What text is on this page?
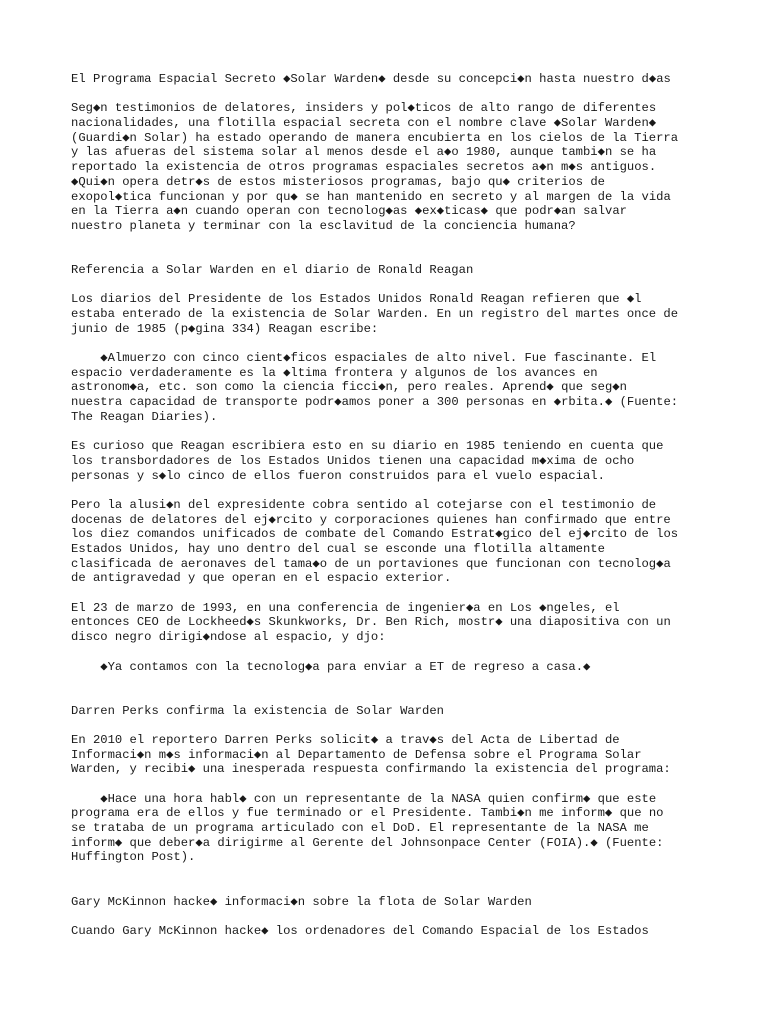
El Programa Espacial Secreto ◆Solar Warden◆ desde su concepci◆n hasta nuestro d◆as
Seg◆n testimonios de delatores, insiders y pol◆ticos de alto rango de diferentes
nacionalidades, una flotilla espacial secreta con el nombre clave ◆Solar Warden◆
(Guardi◆n Solar) ha estado operando de manera encubierta en los cielos de la Tierra
y las afueras del sistema solar al menos desde el a◆o 1980, aunque tambi◆n se ha
reportado la existencia de otros programas espaciales secretos a◆n m◆s antiguos.
◆Qui◆n opera detr◆s de estos misteriosos programas, bajo qu◆ criterios de
exopol◆tica funcionan y por qu◆ se han mantenido en secreto y al margen de la vida
en la Tierra a◆n cuando operan con tecnolog◆as ◆ex◆ticas◆ que podr◆an salvar
nuestro planeta y terminar con la esclavitud de la conciencia humana?
Referencia a Solar Warden en el diario de Ronald Reagan
Los diarios del Presidente de los Estados Unidos Ronald Reagan refieren que ◆l
estaba enterado de la existencia de Solar Warden. En un registro del martes once de
junio de 1985 (p◆gina 334) Reagan escribe:
◆Almuerzo con cinco cient◆ficos espaciales de alto nivel. Fue fascinante. El
espacio verdaderamente es la ◆ltima frontera y algunos de los avances en
astronom◆a, etc. son como la ciencia ficci◆n, pero reales. Aprend◆ que seg◆n
nuestra capacidad de transporte podr◆amos poner a 300 personas en ◆rbita.◆ (Fuente:
The Reagan Diaries).
Es curioso que Reagan escribiera esto en su diario en 1985 teniendo en cuenta que
los transbordadores de los Estados Unidos tienen una capacidad m◆xima de ocho
personas y s◆lo cinco de ellos fueron construidos para el vuelo espacial.
Pero la alusi◆n del expresidente cobra sentido al cotejarse con el testimonio de
docenas de delatores del ej◆rcito y corporaciones quienes han confirmado que entre
los diez comandos unificados de combate del Comando Estrat◆gico del ej◆rcito de los
Estados Unidos, hay uno dentro del cual se esconde una flotilla altamente
clasificada de aeronaves del tama◆o de un portaviones que funcionan con tecnolog◆a
de antigravedad y que operan en el espacio exterior.
El 23 de marzo de 1993, en una conferencia de ingenier◆a en Los ◆ngeles, el
entonces CEO de Lockheed◆s Skunkworks, Dr. Ben Rich, mostr◆ una diapositiva con un
disco negro dirigi◆ndose al espacio, y djo:
◆Ya contamos con la tecnolog◆a para enviar a ET de regreso a casa.◆
Darren Perks confirma la existencia de Solar Warden
En 2010 el reportero Darren Perks solicit◆ a trav◆s del Acta de Libertad de
Informaci◆n m◆s informaci◆n al Departamento de Defensa sobre el Programa Solar
Warden, y recibi◆ una inesperada respuesta confirmando la existencia del programa:
◆Hace una hora habl◆ con un representante de la NASA quien confirm◆ que este
programa era de ellos y fue terminado or el Presidente. Tambi◆n me inform◆ que no
se trataba de un programa articulado con el DoD. El representante de la NASA me
inform◆ que deber◆a dirigirme al Gerente del Johnsonpace Center (FOIA).◆ (Fuente:
Huffington Post).
Gary McKinnon hacke◆ informaci◆n sobre la flota de Solar Warden
Cuando Gary McKinnon hacke◆ los ordenadores del Comando Espacial de los Estados
